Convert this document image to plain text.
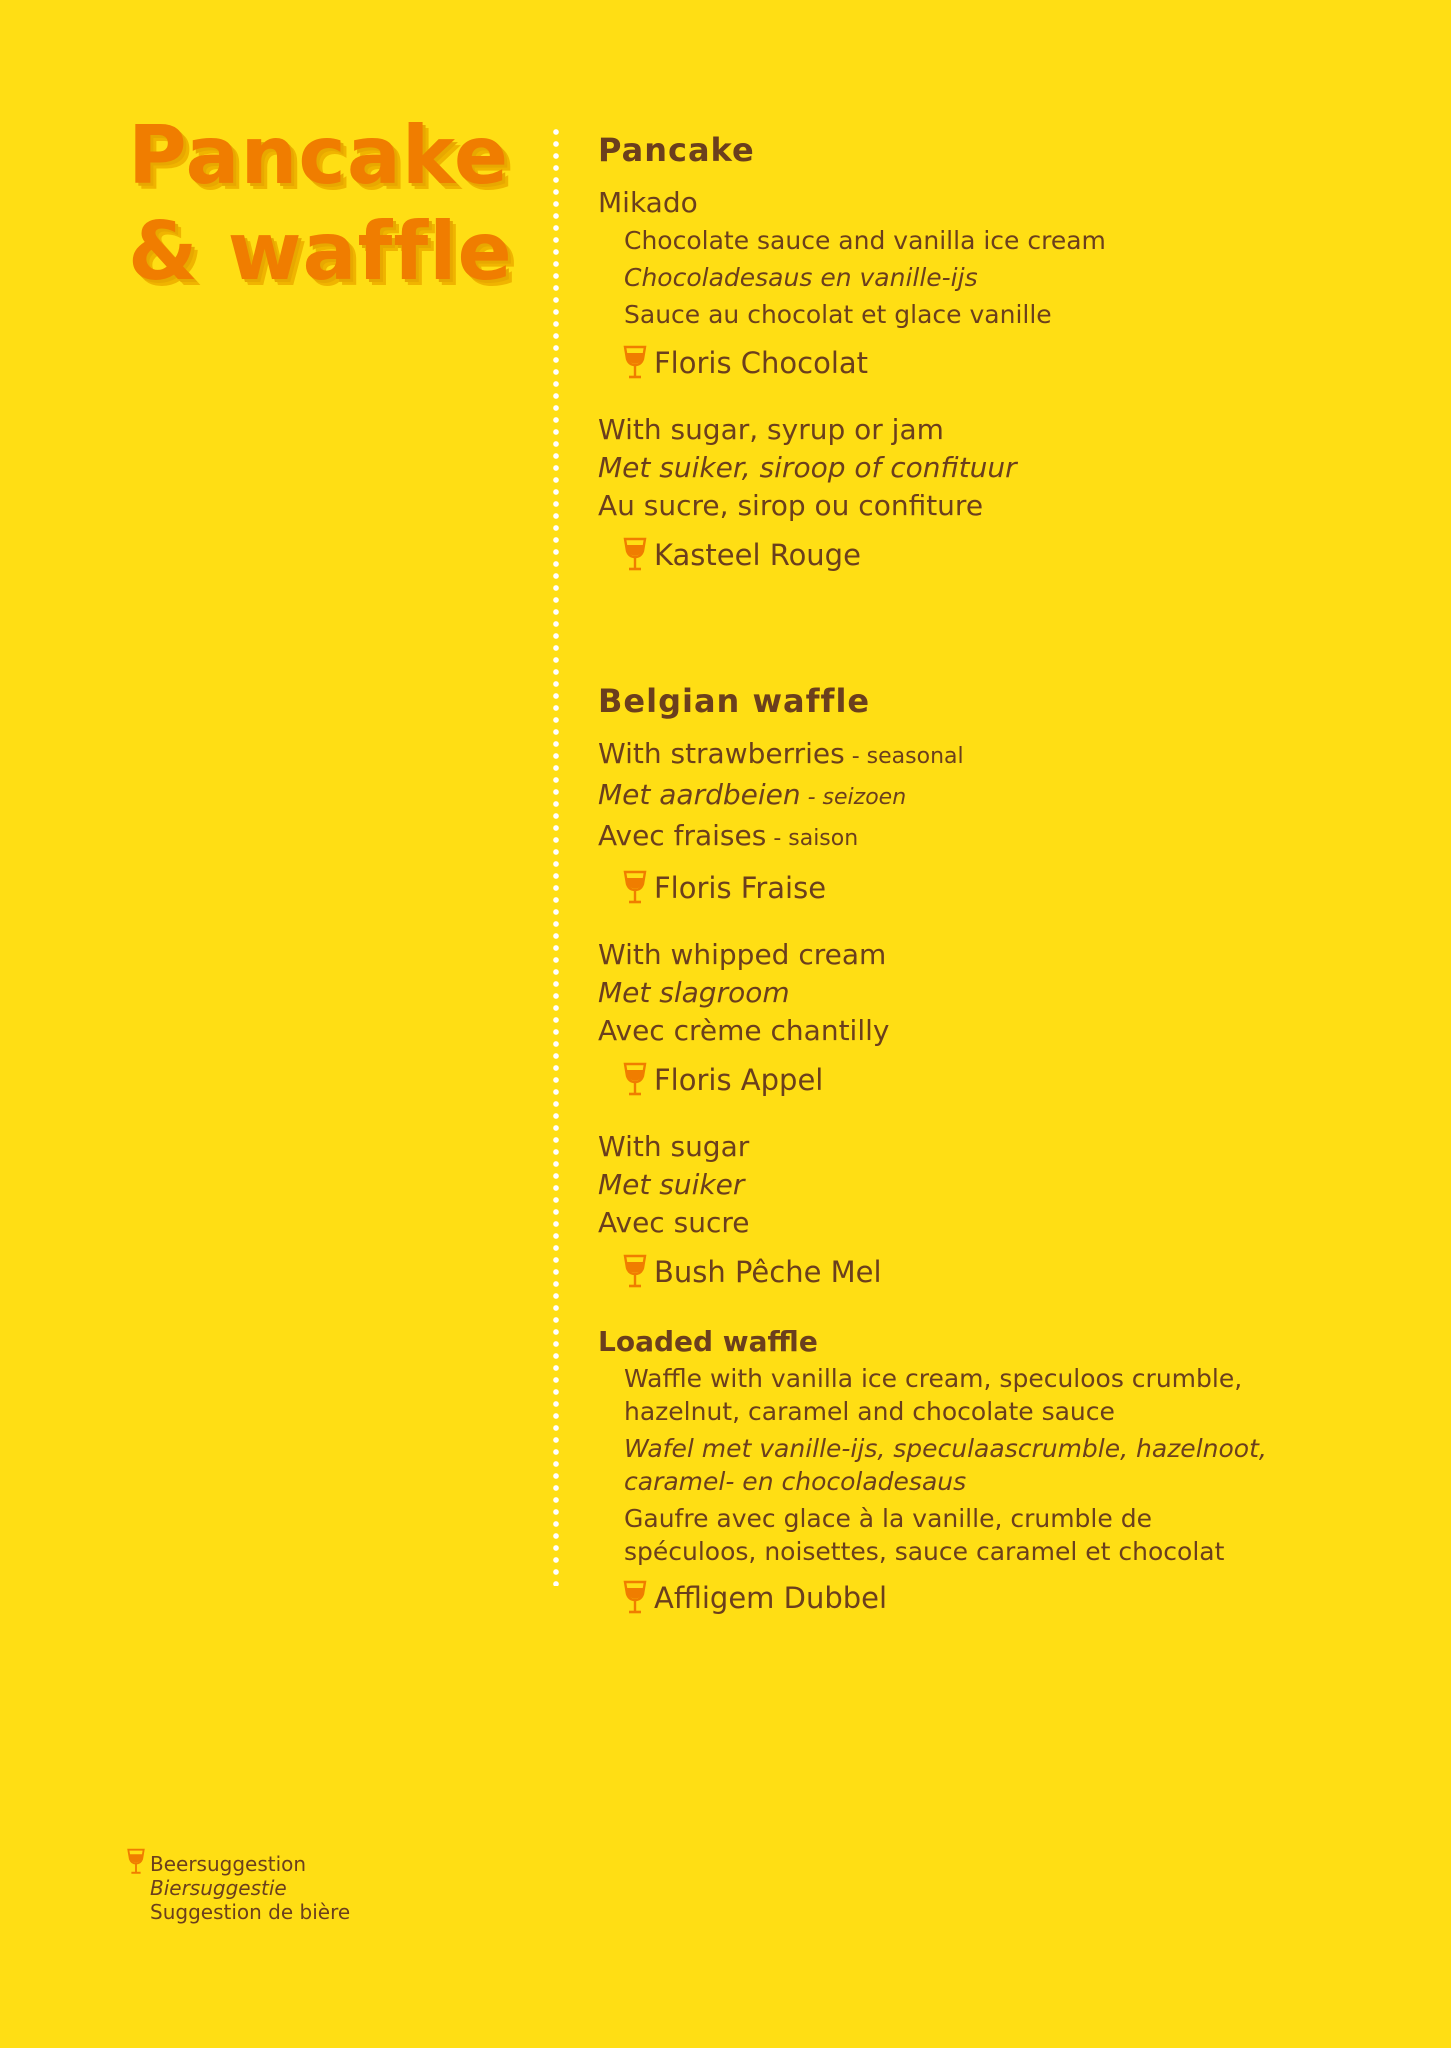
Pancake
& waffle
Pancake
Mikado
Chocolate sauce and vanilla ice cream
Chocoladesaus en vanille-ijs
Sauce au chocolat et glace vanille
Floris Chocolat
With sugar, syrup or jam
Met suiker, siroop of confituur
Au sucre, sirop ou confiture
Kasteel Rouge
Belgian waffle
With strawberries - seasonal
Met aardbeien - seizoen
Avec fraises - saison
Floris Fraise
With whipped cream
Met slagroom
Avec crème chantilly
Floris Appel
With sugar
Met suiker
Avec sucre
Bush Pêche Mel
Loaded waffle
Waffle with vanilla ice cream, speculoos crumble,
hazelnut, caramel and chocolate sauce
Wafel met vanille-ijs, speculaascrumble, hazelnoot,
caramel- en chocoladesaus
Gaufre avec glace à la vanille, crumble de
spéculoos, noisettes, sauce caramel et chocolat
Affligem Dubbel
Beersuggestion
Biersuggestie
Suggestion de bière
